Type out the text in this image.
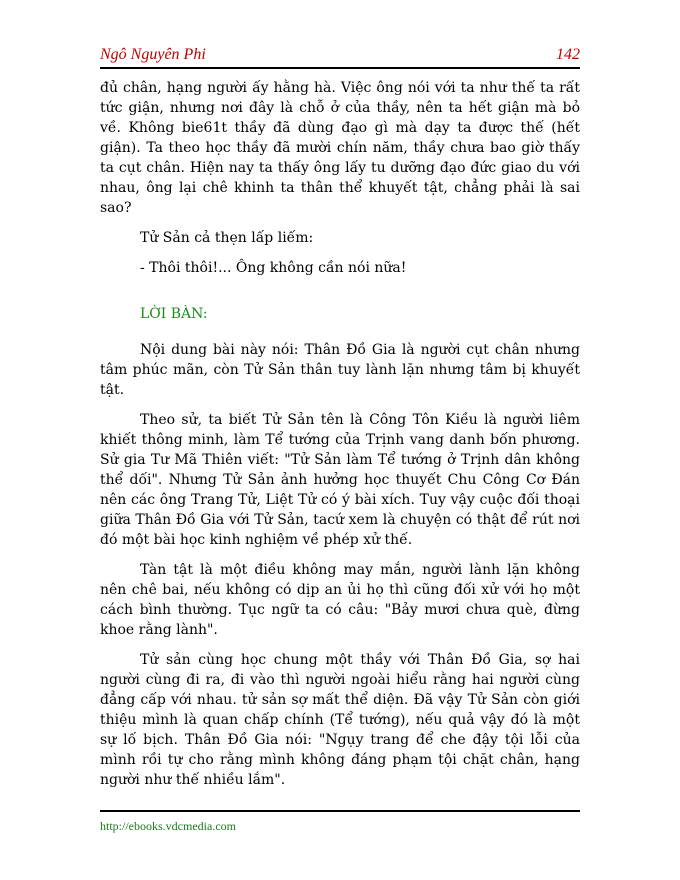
Ngô Nguyên Phi	142

đủ chân, hạng người ấy hằng hà. Việc ông nói với ta như thế ta rất tức giận, nhưng nơi đây là chỗ ở của thầy, nên ta hết giận mà bỏ về. Không bie61t thầy đã dùng đạo gì mà dạy ta được thế (hết giận). Ta theo học thầy đã mười chín năm, thầy chưa bao giờ thấy ta cụt chân. Hiện nay ta thấy ông lấy tu dưỡng đạo đức giao du với nhau, ông lại chê khinh ta thân thể khuyết tật, chẳng phải là sai sao?

Tử Sản cả thẹn lấp liếm:

- Thôi thôi!... Ông không cần nói nữa!

LỜI BÀN:

Nội dung bài này nói: Thân Đồ Gia là người cụt chân nhưng tâm phúc mãn, còn Tử Sản thân tuy lành lặn nhưng tâm bị khuyết tật.

Theo sử, ta biết Tử Sản tên là Công Tôn Kiều là người liêm khiết thông minh, làm Tể tướng của Trịnh vang danh bốn phương. Sử gia Tư Mã Thiên viết: "Tử Sản làm Tể tướng ở Trịnh dân không thể dối". Nhưng Tử Sản ảnh hưởng học thuyết Chu Công Cơ Đán nên các ông Trang Tử, Liệt Tử có ý bài xích. Tuy vậy cuộc đối thoại giữa Thân Đồ Gia với Tử Sản, tacứ xem là chuyện có thật để rút nơi đó một bài học kinh nghiệm về phép xử thế.

Tàn tật là một điều không may mắn, người lành lặn không nên chê bai, nếu không có dịp an ủi họ thì cũng đối xử với họ một cách bình thường. Tục ngữ ta có câu: "Bảy mươi chưa què, đừng khoe rằng lành".

Tử sản cùng học chung một thầy với Thân Đồ Gia, sợ hai người cùng đi ra, đi vào thì người ngoài hiểu rằng hai người cùng đẳng cấp với nhau. tử sản sợ mất thể diện. Đã vậy Tử Sản còn giới thiệu mình là quan chấp chính (Tể tướng), nếu quả vậy đó là một sự lố bịch. Thân Đồ Gia nói: "Ngụy trang để che đậy tội lỗi của mình rồi tự cho rằng mình không đáng phạm tội chặt chân, hạng người như thế nhiều lắm".

http://ebooks.vdcmedia.com
